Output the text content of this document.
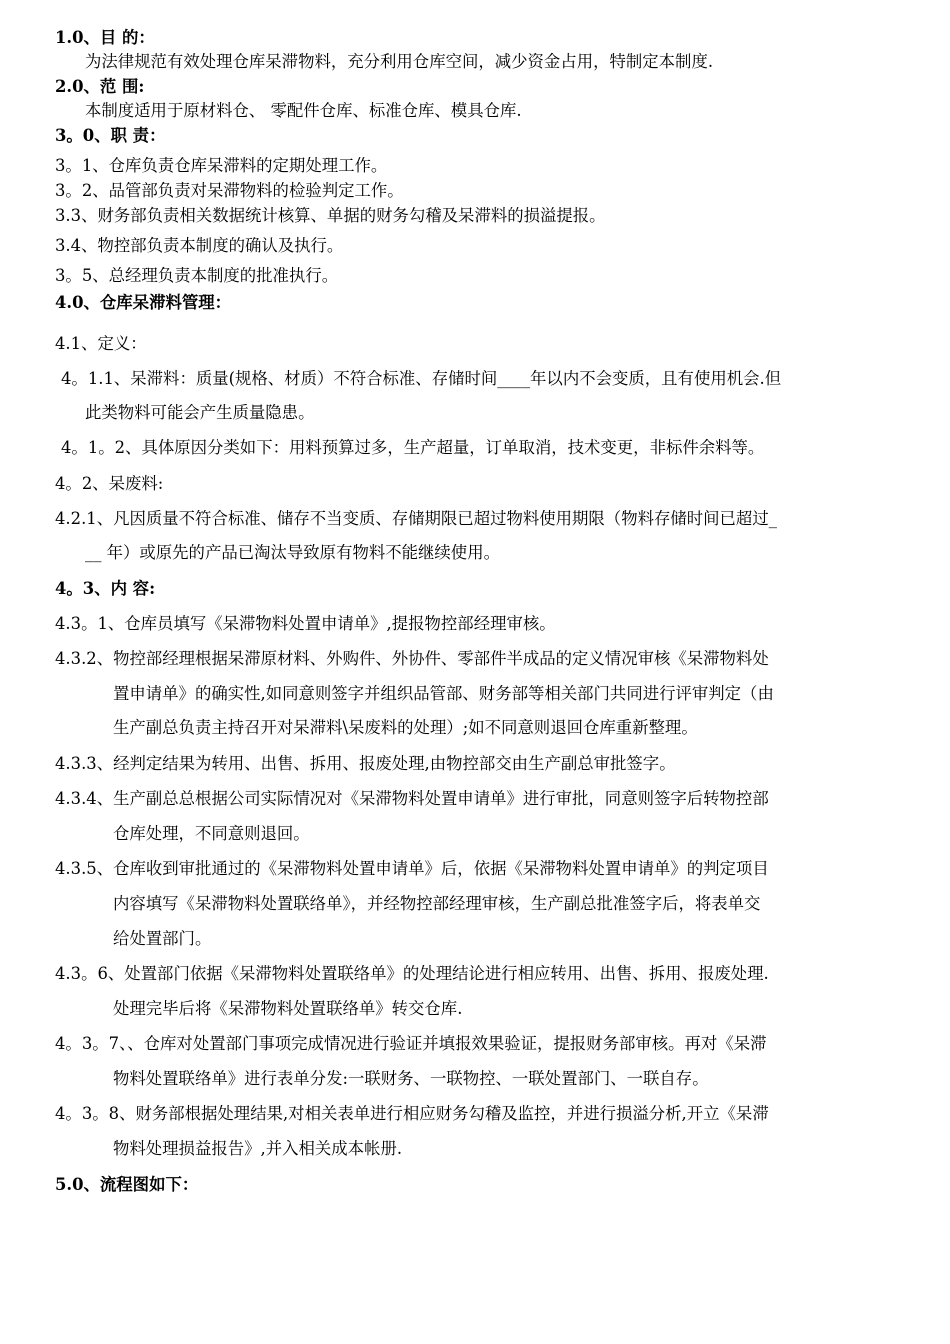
1.0、目 的：
为法律规范有效处理仓库呆滞物料，充分利用仓库空间，减少资金占用，特制定本制度.
2.0、范 围:
本制度适用于原材料仓、 零配件仓库、标准仓库、模具仓库.
3。0、职 责：
3。1、仓库负责仓库呆滞料的定期处理工作。
3。2、品管部负责对呆滞物料的检验判定工作。
3.3、财务部负责相关数据统计核算、单据的财务勾稽及呆滞料的损溢提报。
3.4、物控部负责本制度的确认及执行。
3。5、总经理负责本制度的批准执行。
4.0、仓库呆滞料管理：
4.1、定义：
4。1.1、呆滞料：质量(规格、材质）不符合标准、存储时间____年以内不会变质，且有使用机会.但
此类物料可能会产生质量隐患。
4。1。2、具体原因分类如下：用料预算过多，生产超量，订单取消，技术变更，非标件余料等。
4。2、呆废料:
4.2.1、凡因质量不符合标准、储存不当变质、存储期限已超过物料使用期限（物料存储时间已超过_
__ 年）或原先的产品已淘汰导致原有物料不能继续使用。
4。3、内 容:
4.3。1、仓库员填写《呆滞物料处置申请单》,提报物控部经理审核。
4.3.2、物控部经理根据呆滞原材料、外购件、外协件、零部件半成品的定义情况审核《呆滞物料处
置申请单》的确实性,如同意则签字并组织品管部、财务部等相关部门共同进行评审判定（由
生产副总负责主持召开对呆滞料\呆废料的处理）;如不同意则退回仓库重新整理。
4.3.3、经判定结果为转用、出售、拆用、报废处理,由物控部交由生产副总审批签字。
4.3.4、生产副总总根据公司实际情况对《呆滞物料处置申请单》进行审批，同意则签字后转物控部
仓库处理，不同意则退回。
4.3.5、仓库收到审批通过的《呆滞物料处置申请单》后，依据《呆滞物料处置申请单》的判定项目
内容填写《呆滞物料处置联络单》，并经物控部经理审核，生产副总批准签字后，将表单交
给处置部门。
4.3。6、处置部门依据《呆滞物料处置联络单》的处理结论进行相应转用、出售、拆用、报废处理.
处理完毕后将《呆滞物料处置联络单》转交仓库.
4。3。7、、仓库对处置部门事项完成情况进行验证并填报效果验证，提报财务部审核。再对《呆滞
物料处置联络单》进行表单分发:一联财务、一联物控、一联处置部门、一联自存。
4。3。8、财务部根据处理结果,对相关表单进行相应财务勾稽及监控，并进行损溢分析,开立《呆滞
物料处理损益报告》,并入相关成本帐册.
5.0、流程图如下：
